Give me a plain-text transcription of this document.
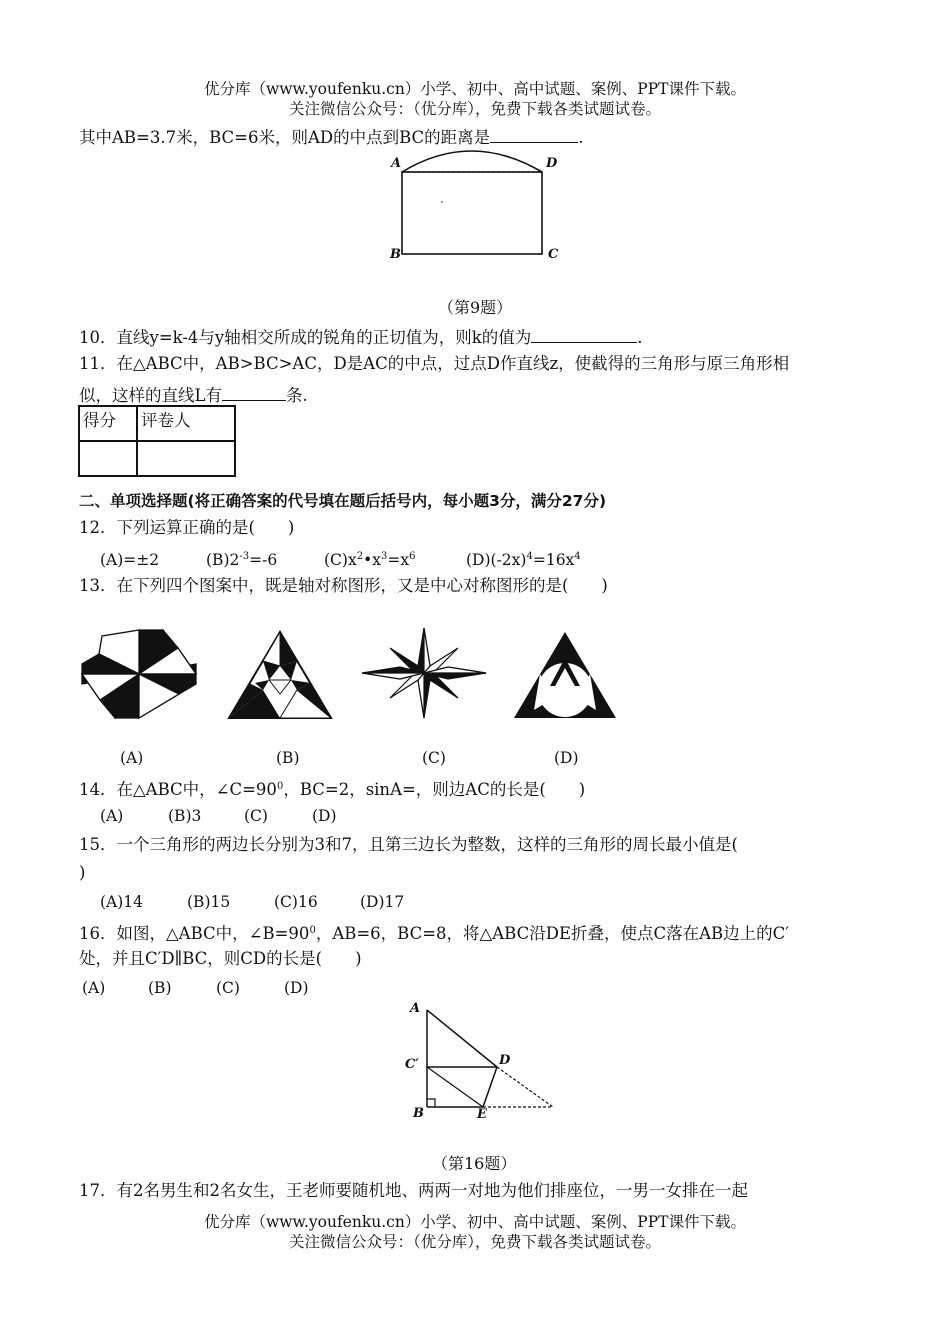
优分库（www.youfenku.cn）小学、初中、高中试题、案例、PPT课件下载。
关注微信公众号：（优分库），免费下载各类试题试卷。
其中AB=3.7米，BC=6米，则AD的中点到BC的距离是	.
A	D
B	C
（第9题）
10．直线y=k-4与y轴相交所成的锐角的正切值为，则k的值为	.
11．在△ABC中，AB>BC>AC，D是AC的中点，过点D作直线z，使截得的三角形与原三角形相
似，这样的直线L有	条.
得分	评卷人

二、单项选择题(将正确答案的代号填在题后括号内，每小题3分，满分27分)
12．下列运算正确的是(　　)
(A)=±2	$(B)2^{-3}=-6$	$(C)x^2•x^3=x^6$	$(D)(-2x)^4=16x^4$
13．在下列四个图案中，既是轴对称图形，又是中心对称图形的是(　　)
(A)	(B)	(C)	(D)
14．在△ABC中，$\angle C=90^0$，BC=2，sinA=，则边AC的长是(　　)
(A)	(B)3	(C)	(D)
15．一个三角形的两边长分别为3和7，且第三边长为整数，这样的三角形的周长最小值是(
)
(A)14	(B)15	(C)16	(D)17
16．如图，△ABC中，$\angle B=90^0$，AB=6，BC=8，将△ABC沿DE折叠，使点C落在AB边上的C′
处，并且C′D∥BC，则CD的长是(　　)
(A)	(B)	(C)	(D)
A
C′	D
B	E
（第16题）
17．有2名男生和2名女生，王老师要随机地、两两一对地为他们排座位，一男一女排在一起
优分库（www.youfenku.cn）小学、初中、高中试题、案例、PPT课件下载。
关注微信公众号：（优分库），免费下载各类试题试卷。
